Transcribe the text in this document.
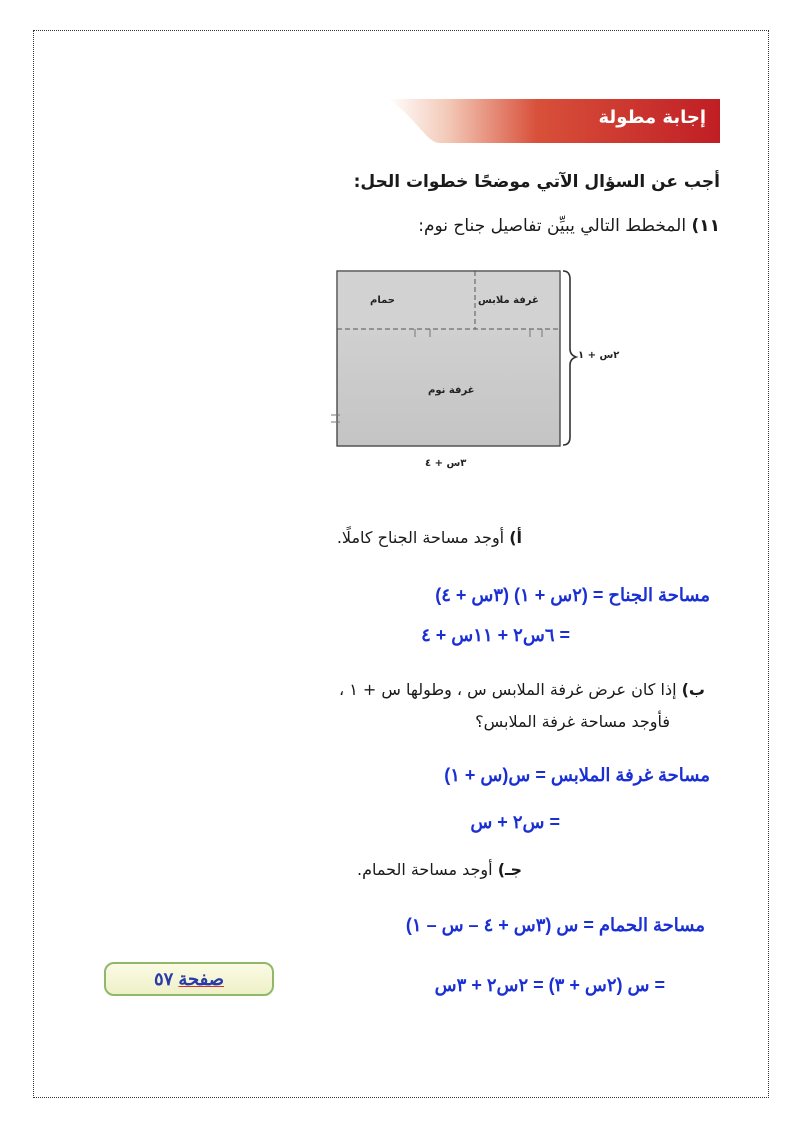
إجابة مطولة
أجب عن السؤال الآتي موضحًا خطوات الحل:
١١) المخطط التالي يبيِّن تفاصيل جناح نوم:
حمام	غرفة ملابس
غرفة نوم
٢س + ١
٣س + ٤
أ) أوجد مساحة الجناح كاملًا.
مساحة الجناح = (٢س + ١) (٣س + ٤)
= ٦س٢ + ١١س + ٤
ب) إذا كان عرض غرفة الملابس س ، وطولها س + ١ ،
فأوجد مساحة غرفة الملابس؟
مساحة غرفة الملابس = س(س + ١)
= س٢ + س
جـ) أوجد مساحة الحمام.
مساحة الحمام = س (٣س + ٤ – س – ١)
= س (٢س + ٣) = ٢س٢ + ٣س
صفحة ٥٧
